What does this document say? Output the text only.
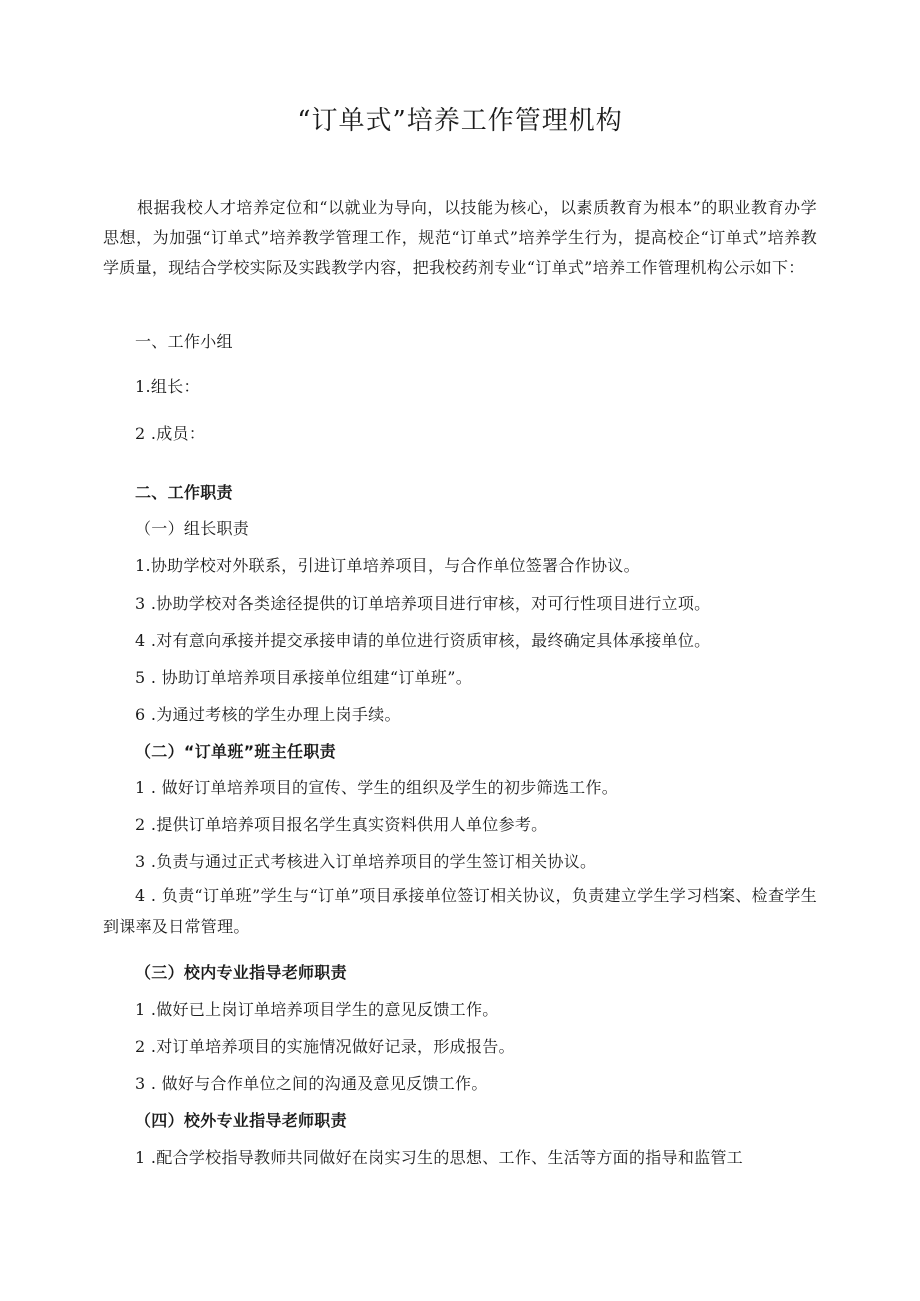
“订单式”培养工作管理机构
根据我校人才培养定位和“以就业为导向，以技能为核心，以素质教育为根本”的职业教育办学思想，为加强“订单式”培养教学管理工作，规范“订单式”培养学生行为，提高校企“订单式”培养教学质量，现结合学校实际及实践教学内容，把我校药剂专业“订单式”培养工作管理机构公示如下：
一、工作小组
1.组长：
2 .成员：
二、工作职责
（一）组长职责
1.协助学校对外联系，引进订单培养项目，与合作单位签署合作协议。
3 .协助学校对各类途径提供的订单培养项目进行审核，对可行性项目进行立项。
4 .对有意向承接并提交承接申请的单位进行资质审核，最终确定具体承接单位。
5 . 协助订单培养项目承接单位组建“订单班”。
6 .为通过考核的学生办理上岗手续。
（二）“订单班”班主任职责
1 . 做好订单培养项目的宣传、学生的组织及学生的初步筛选工作。
2 .提供订单培养项目报名学生真实资料供用人单位参考。
3 .负责与通过正式考核进入订单培养项目的学生签订相关协议。
4 . 负责“订单班”学生与“订单”项目承接单位签订相关协议，负责建立学生学习档案、检查学生到课率及日常管理。
（三）校内专业指导老师职责
1 .做好已上岗订单培养项目学生的意见反馈工作。
2 .对订单培养项目的实施情况做好记录，形成报告。
3 . 做好与合作单位之间的沟通及意见反馈工作。
（四）校外专业指导老师职责
1 .配合学校指导教师共同做好在岗实习生的思想、工作、生活等方面的指导和监管工
